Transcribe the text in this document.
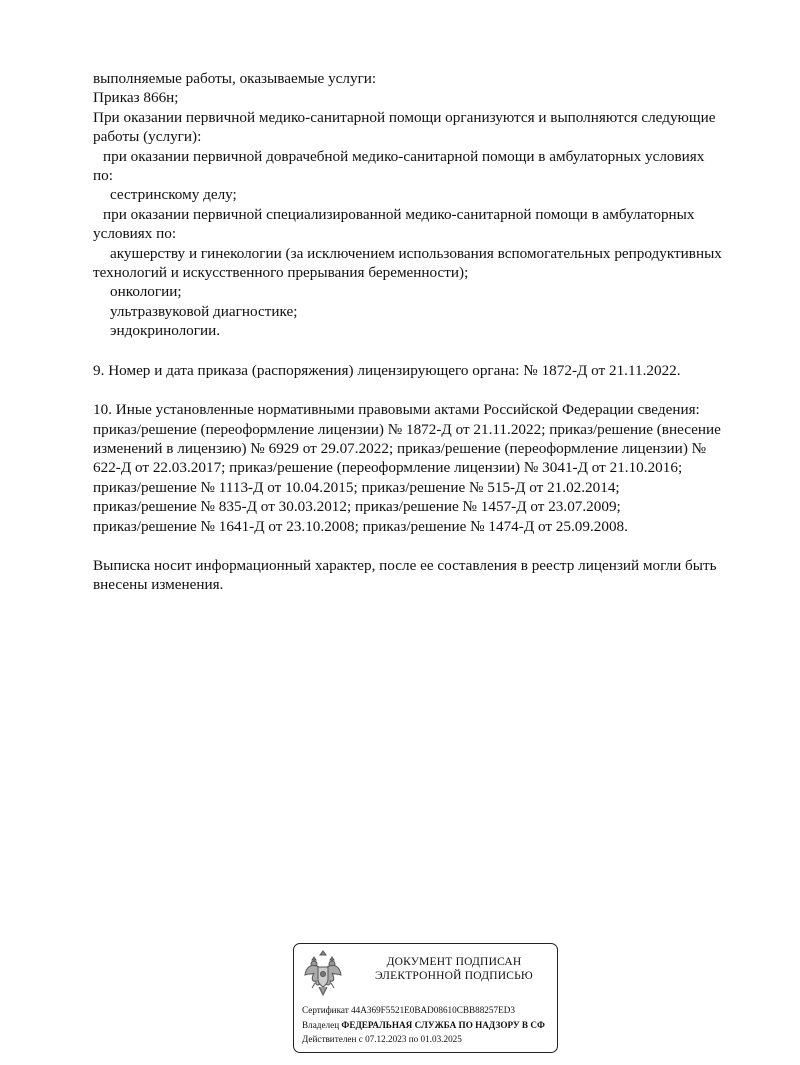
выполняемые работы, оказываемые услуги:
Приказ 866н;
При оказании первичной медико-санитарной помощи организуются и выполняются следующие
работы (услуги):
при оказании первичной доврачебной медико-санитарной помощи в амбулаторных условиях
по:
сестринскому делу;
при оказании первичной специализированной медико-санитарной помощи в амбулаторных
условиях по:
акушерству и гинекологии (за исключением использования вспомогательных репродуктивных
технологий и искусственного прерывания беременности);
онкологии;
ультразвуковой диагностике;
эндокринологии.
9. Номер и дата приказа (распоряжения) лицензирующего органа: № 1872-Д от 21.11.2022.
10. Иные установленные нормативными правовыми актами Российской Федерации сведения:
приказ/решение (переоформление лицензии) № 1872-Д от 21.11.2022; приказ/решение (внесение
изменений в лицензию) № 6929 от 29.07.2022; приказ/решение (переоформление лицензии) №
622-Д от 22.03.2017; приказ/решение (переоформление лицензии) № 3041-Д от 21.10.2016;
приказ/решение № 1113-Д от 10.04.2015; приказ/решение № 515-Д от 21.02.2014;
приказ/решение № 835-Д от 30.03.2012; приказ/решение № 1457-Д от 23.07.2009;
приказ/решение № 1641-Д от 23.10.2008; приказ/решение № 1474-Д от 25.09.2008.
Выписка носит информационный характер, после ее составления в реестр лицензий могли быть
внесены изменения.
ДОКУМЕНТ ПОДПИСАН
ЭЛЕКТРОННОЙ ПОДПИСЬЮ
Сертификат 44A369F5521E0BAD08610CBB88257ED3
Владелец ФЕДЕРАЛЬНАЯ СЛУЖБА ПО НАДЗОРУ В СФ
Действителен с 07.12.2023 по 01.03.2025
